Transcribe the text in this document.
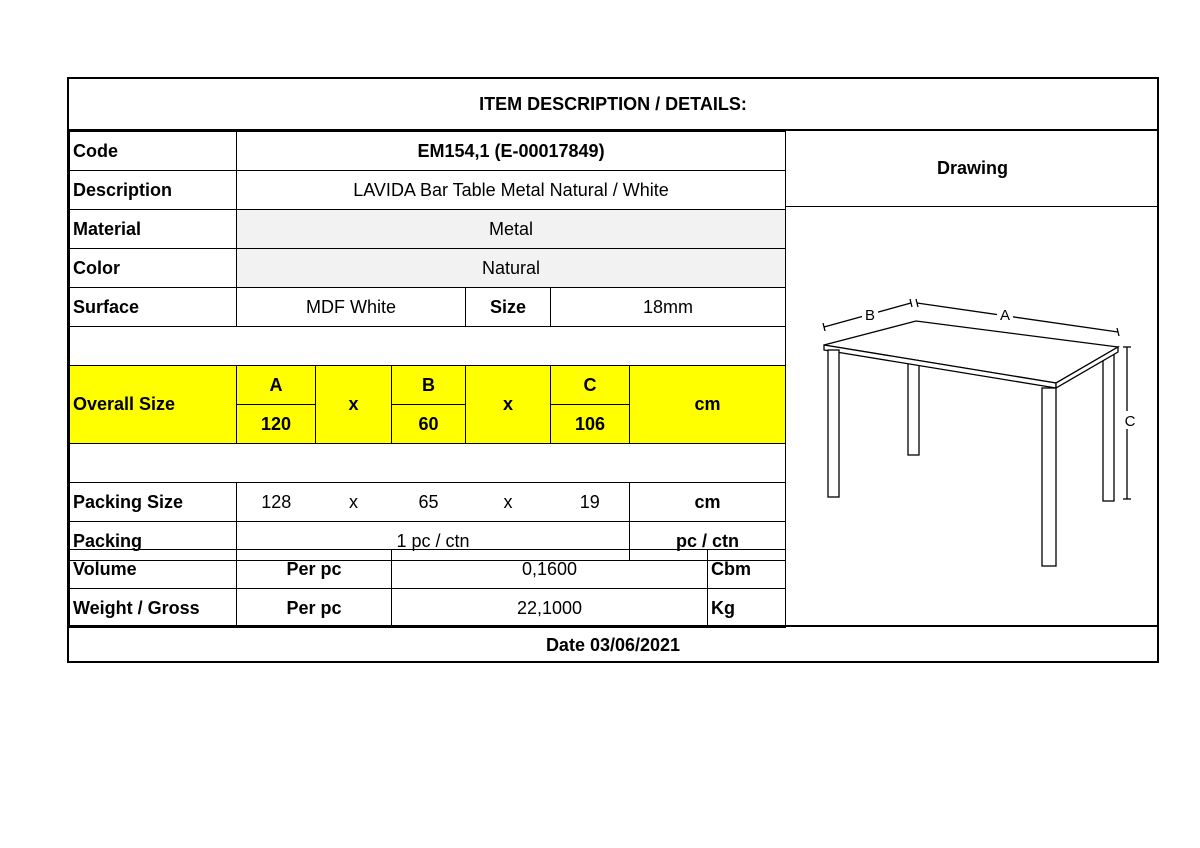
ITEM DESCRIPTION / DETAILS:
Code	EM154,1 (E-00017849)					
Description	LAVIDA Bar Table Metal Natural / White					
Material	Metal					
Color	Natural					
Surface	MDF White			Size	18mm	

Overall Size	A	x	B	x	C	cm
	120		60		106	

Packing Size	128	x	65	x	19	cm
Packing	1 pc / ctn					pc / ctn
Volume	Per pc	0,1600	Cbm
Weight / Gross	Per pc	22,1000	Kg
Drawing
B	A
C
Date 03/06/2021
